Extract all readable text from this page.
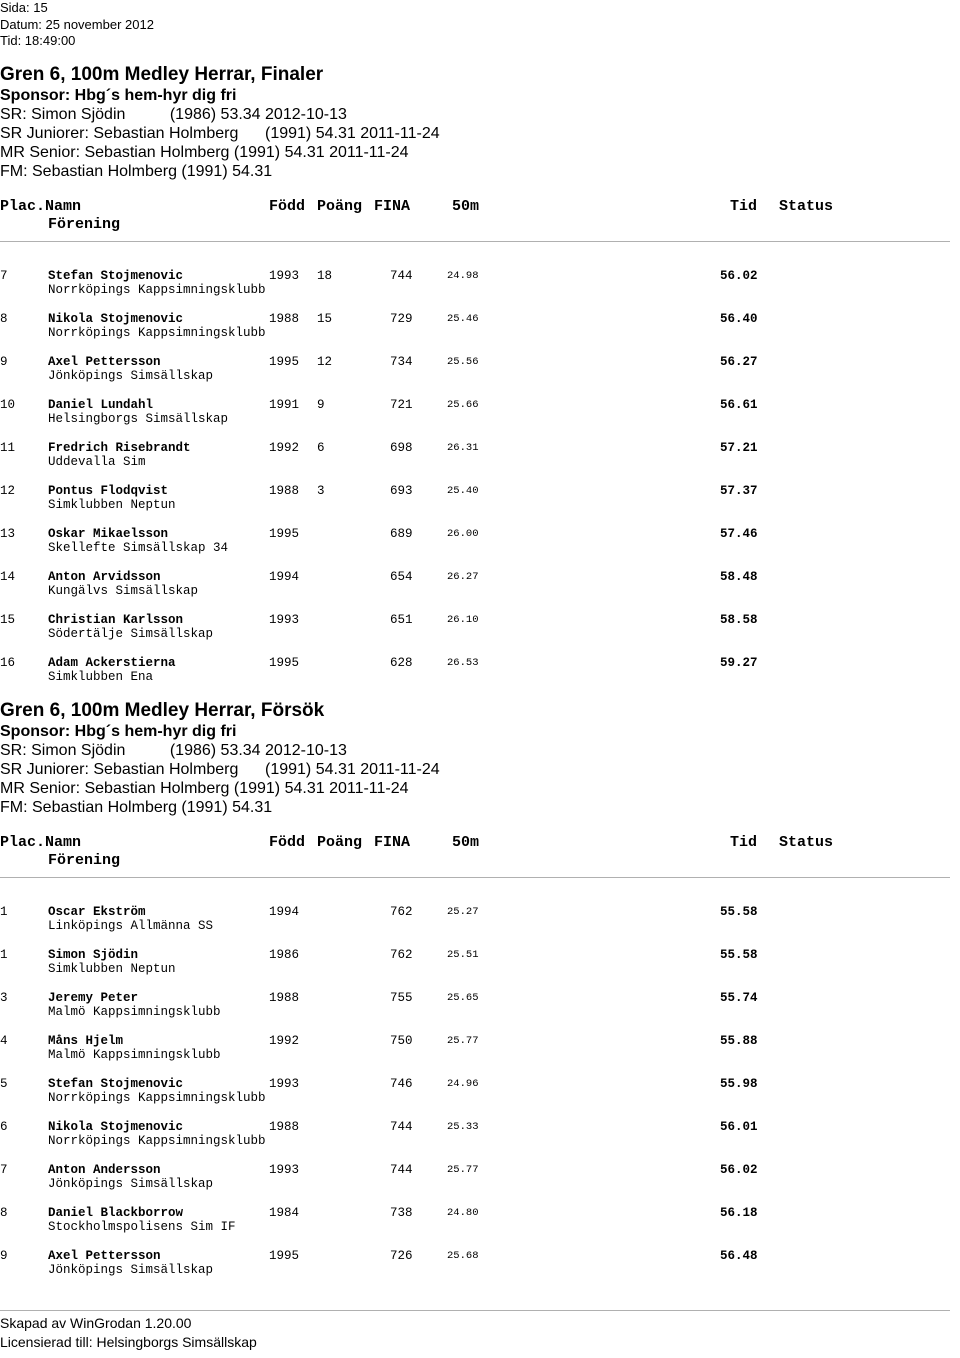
Sida: 15
Datum: 25 november 2012
Tid: 18:49:00
Gren 6, 100m Medley Herrar, Finaler
Sponsor: Hbg´s hem-hyr dig fri
SR: Simon Sjödin          (1986) 53.34 2012-10-13
SR Juniorer: Sebastian Holmberg      (1991) 54.31 2011-11-24
MR Senior: Sebastian Holmberg (1991) 54.31 2011-11-24
FM: Sebastian Holmberg (1991) 54.31
Plac.Namn	Född Poäng FINA	50m	Tid Status
Förening
7	Stefan Stojmenovic	1993 18	744	24.98	56.02
Norrköpings Kappsimningsklubb
8	Nikola Stojmenovic	1988 15	729	25.46	56.40
Norrköpings Kappsimningsklubb
9	Axel Pettersson	1995 12	734	25.56	56.27
Jönköpings Simsällskap
10	Daniel Lundahl	1991 9	721	25.66	56.61
Helsingborgs Simsällskap
11	Fredrich Risebrandt	1992 6	698	26.31	57.21
Uddevalla Sim
12	Pontus Flodqvist	1988 3	693	25.40	57.37
Simklubben Neptun
13	Oskar Mikaelsson	1995	689	26.00	57.46
Skellefte Simsällskap 34
14	Anton Arvidsson	1994	654	26.27	58.48
Kungälvs Simsällskap
15	Christian Karlsson	1993	651	26.10	58.58
Södertälje Simsällskap
16	Adam Ackerstierna	1995	628	26.53	59.27
Simklubben Ena
Gren 6, 100m Medley Herrar, Försök
Sponsor: Hbg´s hem-hyr dig fri
SR: Simon Sjödin          (1986) 53.34 2012-10-13
SR Juniorer: Sebastian Holmberg      (1991) 54.31 2011-11-24
MR Senior: Sebastian Holmberg (1991) 54.31 2011-11-24
FM: Sebastian Holmberg (1991) 54.31
Plac.Namn	Född Poäng FINA	50m	Tid Status
Förening
1	Oscar Ekström	1994	762	25.27	55.58
Linköpings Allmänna SS
1	Simon Sjödin	1986	762	25.51	55.58
Simklubben Neptun
3	Jeremy Peter	1988	755	25.65	55.74
Malmö Kappsimningsklubb
4	Måns Hjelm	1992	750	25.77	55.88
Malmö Kappsimningsklubb
5	Stefan Stojmenovic	1993	746	24.96	55.98
Norrköpings Kappsimningsklubb
6	Nikola Stojmenovic	1988	744	25.33	56.01
Norrköpings Kappsimningsklubb
7	Anton Andersson	1993	744	25.77	56.02
Jönköpings Simsällskap
8	Daniel Blackborrow	1984	738	24.80	56.18
Stockholmspolisens Sim IF
9	Axel Pettersson	1995	726	25.68	56.48
Jönköpings Simsällskap
Skapad av WinGrodan 1.20.00
Licensierad till: Helsingborgs Simsällskap
